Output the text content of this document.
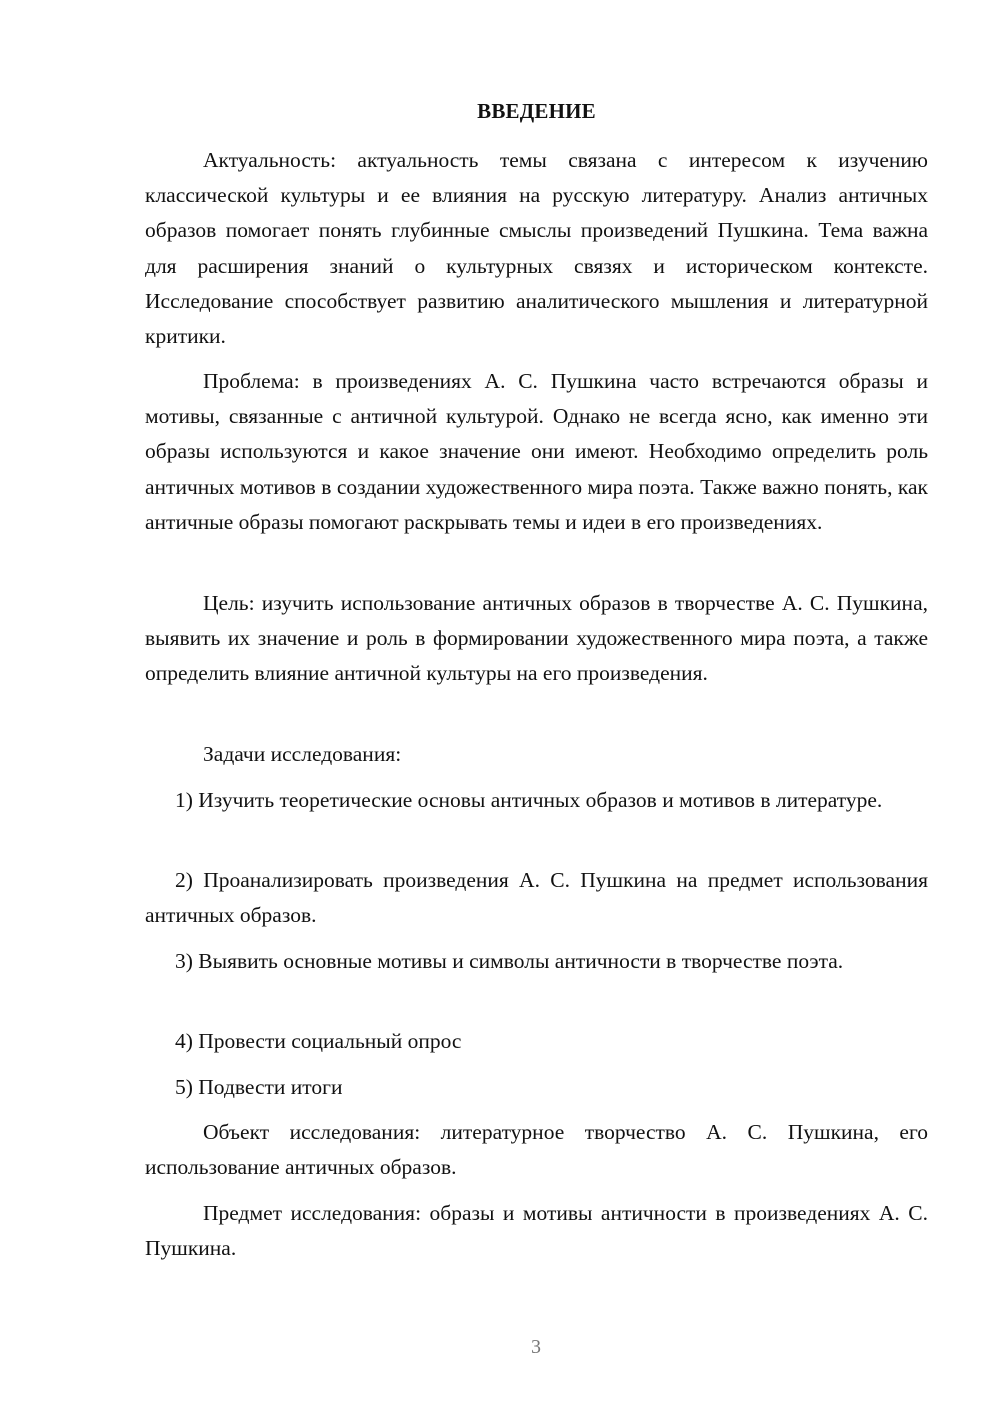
ВВЕДЕНИЕ

Актуальность: актуальность темы связана с интересом к изучению классической культуры и ее влияния на русскую литературу. Анализ античных образов помогает понять глубинные смыслы произведений Пушкина. Тема важна для расширения знаний о культурных связях и историческом контексте. Исследование способствует развитию аналитического мышления и литературной критики.

Проблема: в произведениях А. С. Пушкина часто встречаются образы и мотивы, связанные с античной культурой. Однако не всегда ясно, как именно эти образы используются и какое значение они имеют. Необходимо определить роль античных мотивов в создании художественного мира поэта. Также важно понять, как античные образы помогают раскрывать темы и идеи в его произведениях.

Цель: изучить использование античных образов в творчестве А. С. Пушкина, выявить их значение и роль в формировании художественного мира поэта, а также определить влияние античной культуры на его произведения.

Задачи исследования:

1) Изучить теоретические основы античных образов и мотивов в литературе.

2) Проанализировать произведения А. С. Пушкина на предмет использования античных образов.

3) Выявить основные мотивы и символы античности в творчестве поэта.

4) Провести социальный опрос

5) Подвести итоги

Объект исследования: литературное творчество А. С. Пушкина, его использование античных образов.

Предмет исследования: образы и мотивы античности в произведениях А. С. Пушкина.

3
